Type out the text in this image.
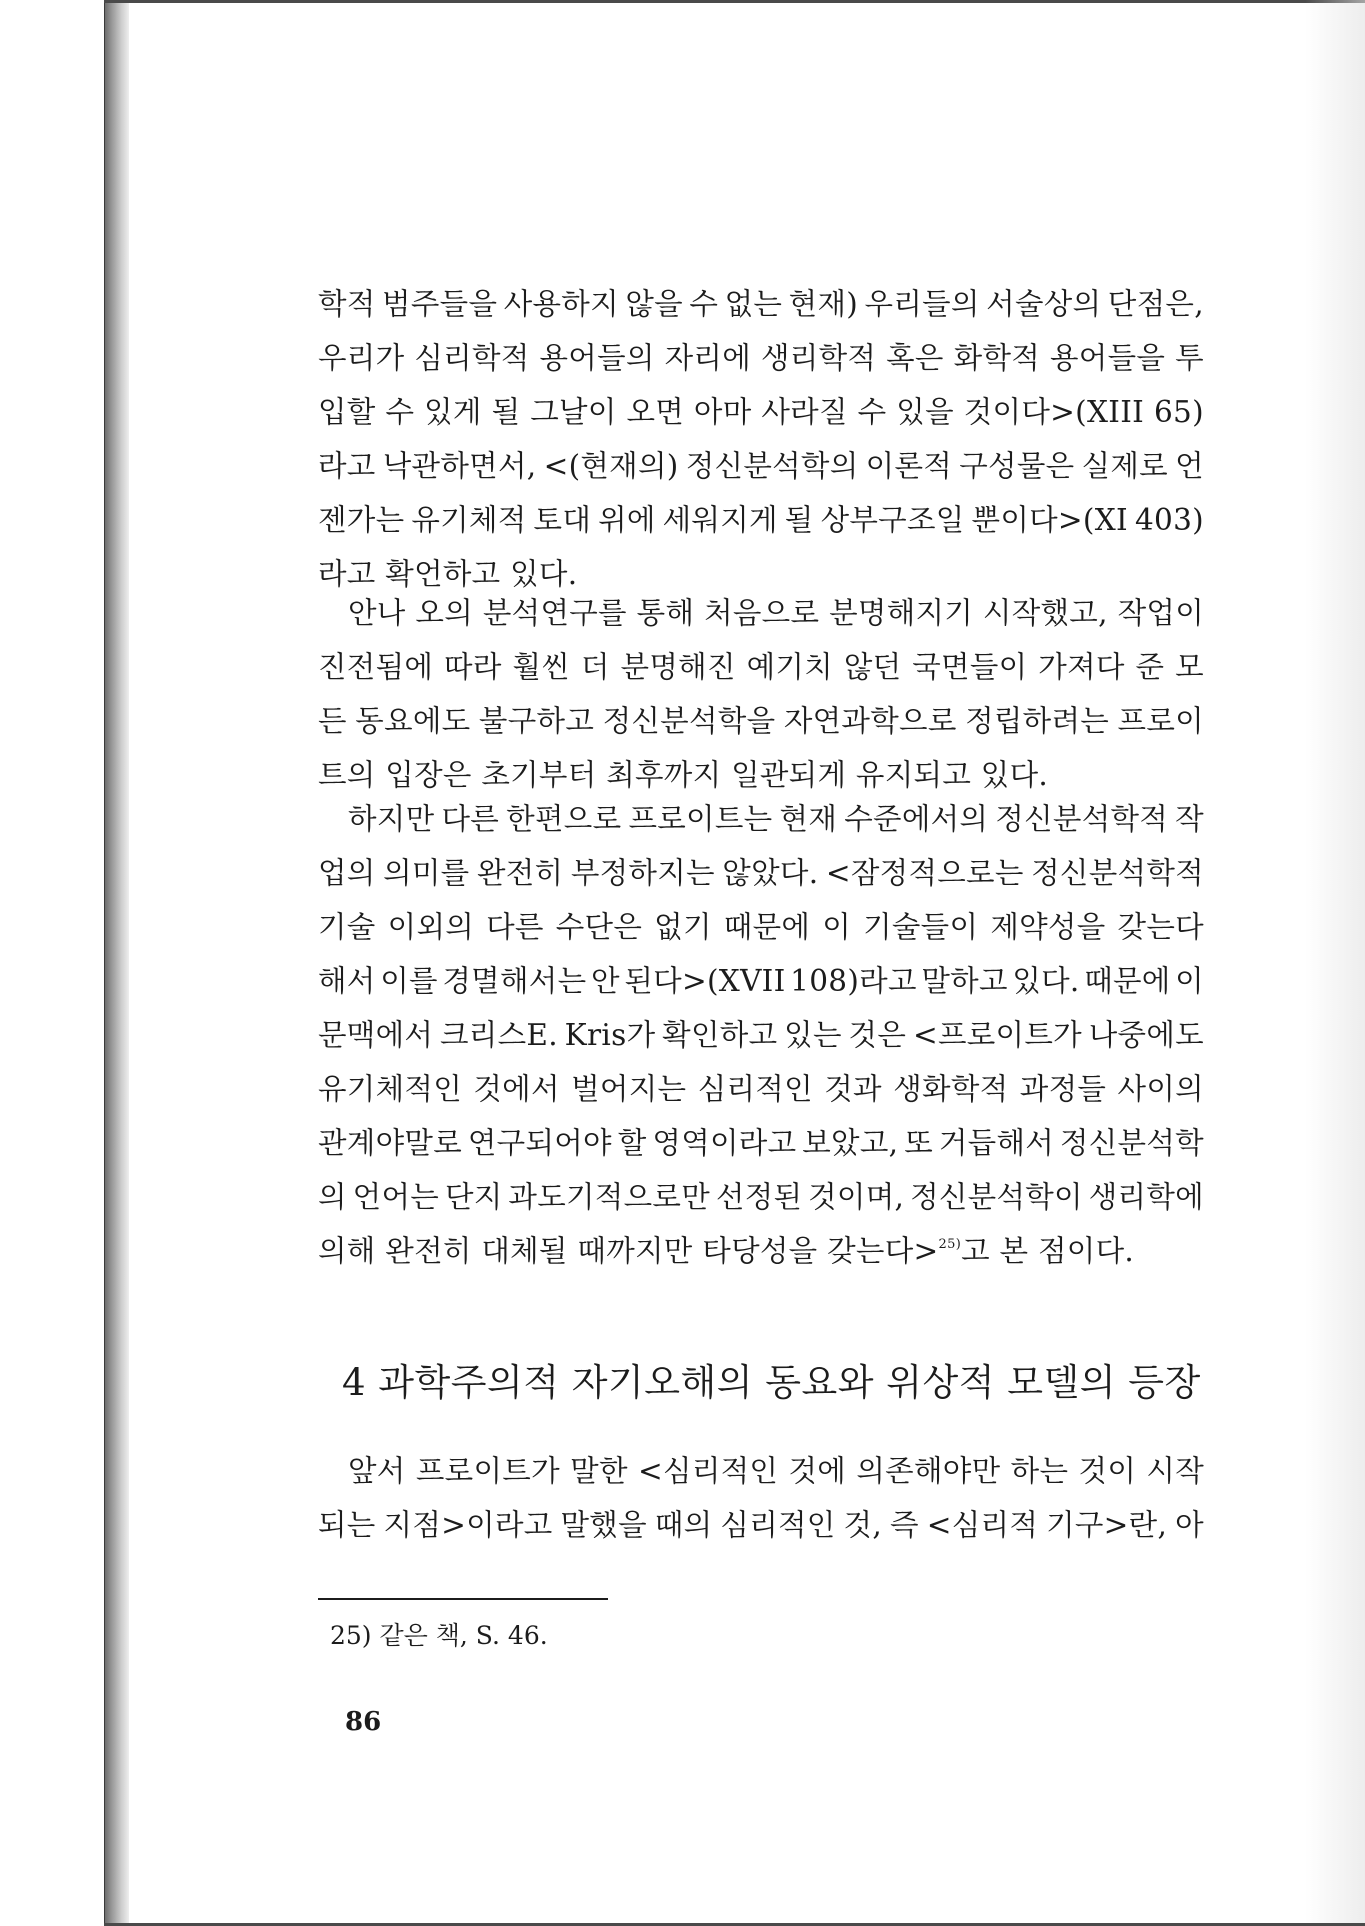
학적 범주들을 사용하지 않을 수 없는 현재) 우리들의 서술상의 단점은,
우리가 심리학적 용어들의 자리에 생리학적 혹은 화학적 용어들을 투
입할 수 있게 될 그날이 오면 아마 사라질 수 있을 것이다>(XIII 65)
라고 낙관하면서, <(현재의) 정신분석학의 이론적 구성물은 실제로 언
젠가는 유기체적 토대 위에 세워지게 될 상부구조일 뿐이다>(XI 403)
라고 확언하고 있다.
안나 오의 분석연구를 통해 처음으로 분명해지기 시작했고, 작업이
진전됨에 따라 훨씬 더 분명해진 예기치 않던 국면들이 가져다 준 모
든 동요에도 불구하고 정신분석학을 자연과학으로 정립하려는 프로이
트의 입장은 초기부터 최후까지 일관되게 유지되고 있다.
하지만 다른 한편으로 프로이트는 현재 수준에서의 정신분석학적 작
업의 의미를 완전히 부정하지는 않았다. <잠정적으로는 정신분석학적
기술 이외의 다른 수단은 없기 때문에 이 기술들이 제약성을 갖는다
해서 이를 경멸해서는 안 된다>(XVII 108)라고 말하고 있다. 때문에 이
문맥에서 크리스E. Kris가 확인하고 있는 것은 <프로이트가 나중에도
유기체적인 것에서 벌어지는 심리적인 것과 생화학적 과정들 사이의
관계야말로 연구되어야 할 영역이라고 보았고, 또 거듭해서 정신분석학
의 언어는 단지 과도기적으로만 선정된 것이며, 정신분석학이 생리학에
의해 완전히 대체될 때까지만 타당성을 갖는다>$^{25)}$ 고 본 점이다.
4 과학주의적 자기오해의 동요와 위상적 모델의 등장
앞서 프로이트가 말한 <심리적인 것에 의존해야만 하는 것이 시작
되는 지점>이라고 말했을 때의 심리적인 것, 즉 <심리적 기구>란, 아
25) 같은 책, S. 46.
86
